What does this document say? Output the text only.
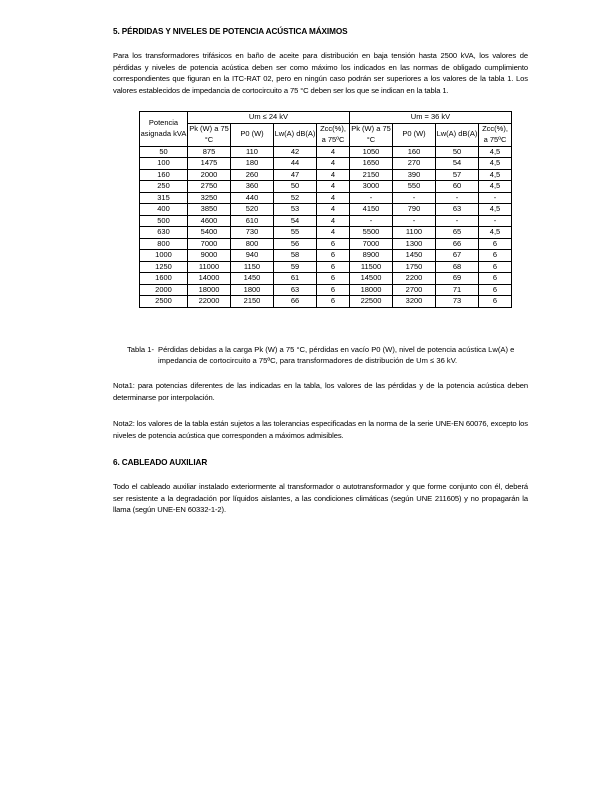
5. PÉRDIDAS Y NIVELES DE POTENCIA ACÚSTICA MÁXIMOS
Para los transformadores trifásicos en baño de aceite para distribución en baja tensión hasta 2500 kVA, los valores de pérdidas y niveles de potencia acústica deben ser como máximo los indicados en las normas de obligado cumplimiento correspondientes que figuran en la ITC-RAT 02, pero en ningún caso podrán ser superiores a los valores de la tabla 1. Los valores establecidos de impedancia de cortocircuito a 75 °C deben ser los que se indican en la tabla 1.
Potencia asignada kVA	Um ≤ 24 kV				Um = 36 kV			
	Pk (W) a 75 °C	P0 (W)	Lw(A) dB(A)	Zcc(%), a 75ºC	Pk (W) a 75 °C	P0 (W)	Lw(A) dB(A)	Zcc(%), a 75ºC
50	875	110	42	4	1050	160	50	4,5
100	1475	180	44	4	1650	270	54	4,5
160	2000	260	47	4	2150	390	57	4,5
250	2750	360	50	4	3000	550	60	4,5
315	3250	440	52	4	-	-	-	-
400	3850	520	53	4	4150	790	63	4,5
500	4600	610	54	4	-	-	-	-
630	5400	730	55	4	5500	1100	65	4,5
800	7000	800	56	6	7000	1300	66	6
1000	9000	940	58	6	8900	1450	67	6
1250	11000	1150	59	6	11500	1750	68	6
1600	14000	1450	61	6	14500	2200	69	6
2000	18000	1800	63	6	18000	2700	71	6
2500	22000	2150	66	6	22500	3200	73	6
Tabla 1- Pérdidas debidas a la carga Pk (W) a 75 °C, pérdidas en vacío P0 (W), nivel de potencia acústica Lw(A) e impedancia de cortocircuito a 75ºC, para transformadores de distribución de Um ≤ 36 kV.
Nota1: para potencias diferentes de las indicadas en la tabla, los valores de las pérdidas y de la potencia acústica deben determinarse por interpolación.
Nota2: los valores de la tabla están sujetos a las tolerancias especificadas en la norma de la serie UNE-EN 60076, excepto los niveles de potencia acústica que corresponden a máximos admisibles.
6. CABLEADO AUXILIAR
Todo el cableado auxiliar instalado exteriormente al transformador o autotransformador y que forme conjunto con él, deberá ser resistente a la degradación por líquidos aislantes, a las condiciones climáticas (según UNE 211605) y no propagarán la llama (según UNE-EN 60332-1-2).
